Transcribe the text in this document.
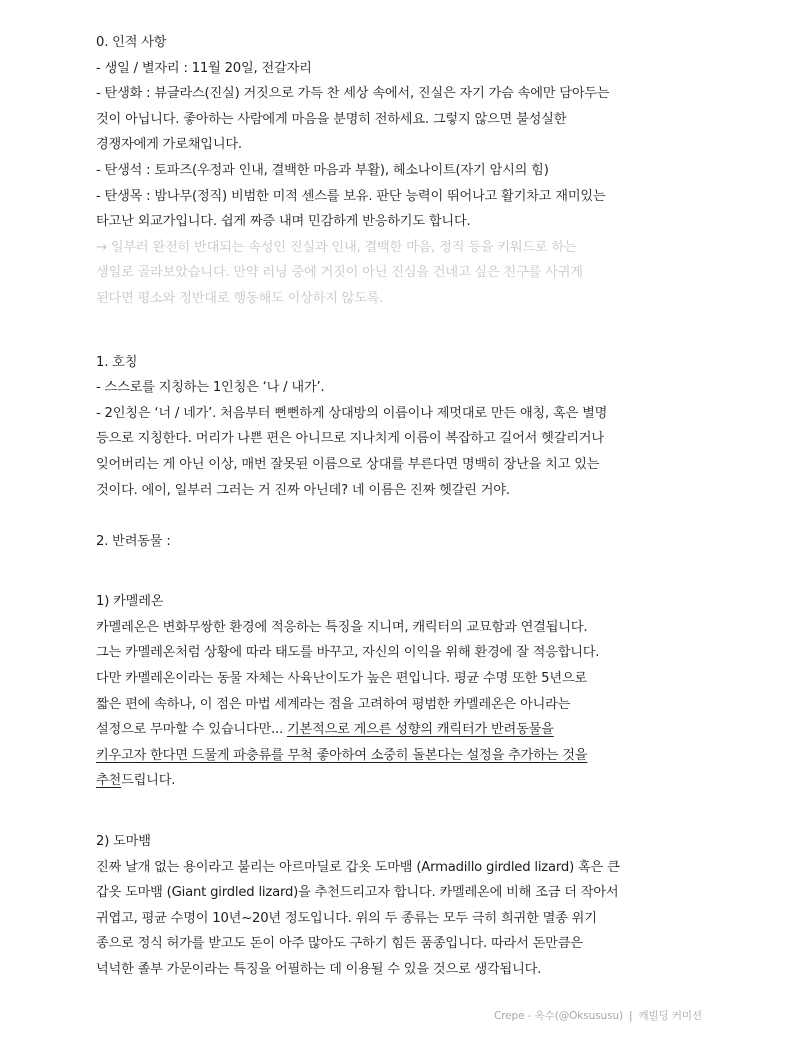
0. 인적 사항
- 생일 / 별자리 : 11월 20일, 전갈자리
- 탄생화 : 뷰글라스(진실) 거짓으로 가득 찬 세상 속에서, 진실은 자기 가슴 속에만 담아두는
것이 아닙니다. 좋아하는 사람에게 마음을 분명히 전하세요. 그렇지 않으면 불성실한
경쟁자에게 가로채입니다.
- 탄생석 : 토파즈(우정과 인내, 결백한 마음과 부활), 헤소나이트(자기 암시의 힘)
- 탄생목 : 밤나무(정직) 비범한 미적 센스를 보유. 판단 능력이 뛰어나고 활기차고 재미있는
타고난 외교가입니다. 쉽게 짜증 내며 민감하게 반응하기도 합니다.
→ 일부러 완전히 반대되는 속성인 진실과 인내, 결백한 마음, 정직 등을 키워드로 하는
생일로 골라보았습니다. 만약 러닝 중에 거짓이 아닌 진심을 건네고 싶은 친구를 사귀게
된다면 평소와 정반대로 행동해도 이상하지 않도록.
1. 호칭
- 스스로를 지칭하는 1인칭은 ‘나 / 내가’.
- 2인칭은 ‘너 / 네가’. 처음부터 뻔뻔하게 상대방의 이름이나 제멋대로 만든 애칭, 혹은 별명
등으로 지칭한다. 머리가 나쁜 편은 아니므로 지나치게 이름이 복잡하고 길어서 헷갈리거나
잊어버리는 게 아닌 이상, 매번 잘못된 이름으로 상대를 부른다면 명백히 장난을 치고 있는
것이다. 에이, 일부러 그러는 거 진짜 아닌데? 네 이름은 진짜 헷갈린 거야.
2. 반려동물 :
1) 카멜레온
카멜레온은 변화무쌍한 환경에 적응하는 특징을 지니며, 캐릭터의 교묘함과 연결됩니다.
그는 카멜레온처럼 상황에 따라 태도를 바꾸고, 자신의 이익을 위해 환경에 잘 적응합니다.
다만 카멜레온이라는 동물 자체는 사육난이도가 높은 편입니다. 평균 수명 또한 5년으로
짧은 편에 속하나, 이 점은 마법 세계라는 점을 고려하여 평범한 카멜레온은 아니라는
설정으로 무마할 수 있습니다만... 기본적으로 게으른 성향의 캐릭터가 반려동물을
키우고자 한다면 드물게 파충류를 무척 좋아하여 소중히 돌본다는 설정을 추가하는 것을
추천드립니다.
2) 도마뱀
진짜 날개 없는 용이라고 불리는 아르마딜로 갑옷 도마뱀 (Armadillo girdled lizard) 혹은 큰
갑옷 도마뱀 (Giant girdled lizard)을 추천드리고자 합니다. 카멜레온에 비해 조금 더 작아서
귀엽고, 평균 수명이 10년~20년 정도입니다. 위의 두 종류는 모두 극히 희귀한 멸종 위기
종으로 정식 허가를 받고도 돈이 아주 많아도 구하기 힘든 품종입니다. 따라서 돈만큼은
넉넉한 졸부 가문이라는 특징을 어필하는 데 이용될 수 있을 것으로 생각됩니다.
Crepe - 옥수(@Oksususu) | 캐빌딩 커미션
